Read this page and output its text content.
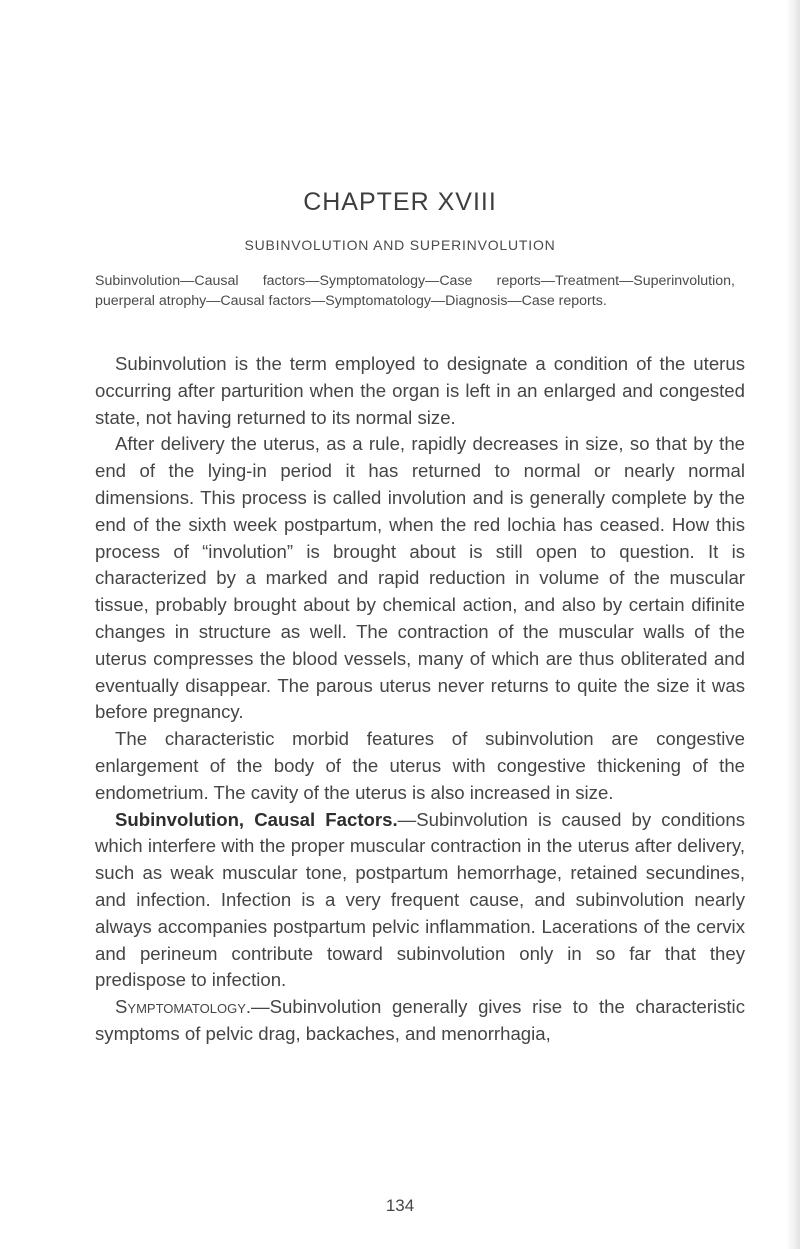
CHAPTER XVIII
SUBINVOLUTION AND SUPERINVOLUTION
Subinvolution—Causal factors—Symptomatology—Case reports—Treatment—Superinvolution, puerperal atrophy—Causal factors—Symptomatology—Diagnosis—Case reports.

Subinvolution is the term employed to designate a condition of the uterus occurring after parturition when the organ is left in an enlarged and congested state, not having returned to its normal size.

After delivery the uterus, as a rule, rapidly decreases in size, so that by the end of the lying-in period it has returned to normal or nearly normal dimensions. This process is called involution and is generally complete by the end of the sixth week postpartum, when the red lochia has ceased. How this process of “involution” is brought about is still open to question. It is characterized by a marked and rapid reduction in volume of the muscular tissue, probably brought about by chemical action, and also by certain difinite changes in structure as well. The contraction of the muscular walls of the uterus compresses the blood vessels, many of which are thus obliterated and eventually disappear. The parous uterus never returns to quite the size it was before pregnancy.

The characteristic morbid features of subinvolution are congestive enlargement of the body of the uterus with congestive thickening of the endometrium. The cavity of the uterus is also increased in size.

Subinvolution, Causal Factors.—Subinvolution is caused by conditions which interfere with the proper muscular contraction in the uterus after delivery, such as weak muscular tone, postpartum hemorrhage, retained secundines, and infection. Infection is a very frequent cause, and subinvolution nearly always accompanies postpartum pelvic inflammation. Lacerations of the cervix and perineum contribute toward subinvolution only in so far that they predispose to infection.

Symptomatology.—Subinvolution generally gives rise to the characteristic symptoms of pelvic drag, backaches, and menorrhagia,

134
